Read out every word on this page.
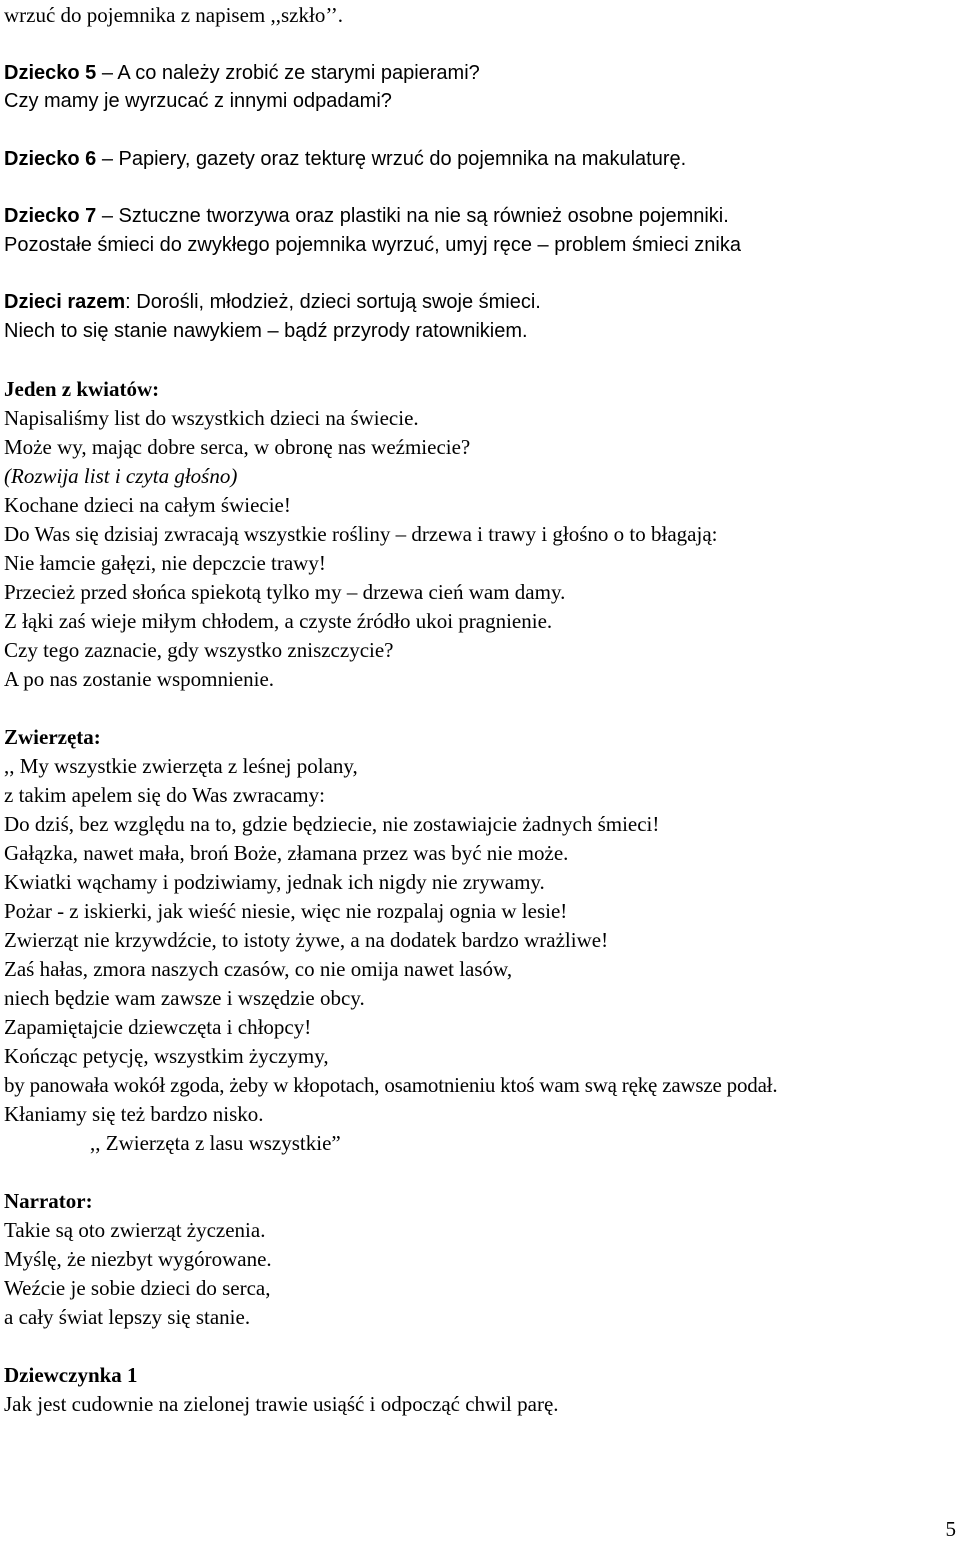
wrzuć do pojemnika z napisem ,,szkło’’.

Dziecko 5 – A co należy zrobić ze starymi papierami?

Czy mamy je wyrzucać z innymi odpadami?

Dziecko 6 – Papiery, gazety oraz tekturę wrzuć do pojemnika na makulaturę.

Dziecko 7 – Sztuczne tworzywa oraz plastiki na nie są również osobne pojemniki.

Pozostałe śmieci do zwykłego pojemnika wyrzuć, umyj ręce – problem śmieci znika

Dzieci razem: Dorośli, młodzież, dzieci sortują swoje śmieci.

Niech to się stanie nawykiem – bądź przyrody ratownikiem.

Jeden z kwiatów:

Napisaliśmy list do wszystkich dzieci na świecie.

Może wy, mając dobre serca, w obronę nas weźmiecie?

(Rozwija list i czyta głośno)

Kochane dzieci na całym świecie!

Do Was się dzisiaj zwracają wszystkie rośliny – drzewa i trawy i głośno o to błagają:

Nie łamcie gałęzi, nie depczcie trawy!

Przecież przed słońca spiekotą tylko my – drzewa cień wam damy.

Z łąki zaś wieje miłym chłodem, a czyste źródło ukoi pragnienie.

Czy tego zaznacie, gdy wszystko zniszczycie?

A po nas zostanie wspomnienie.

Zwierzęta:

,, My wszystkie zwierzęta z leśnej polany,

z takim apelem się do Was zwracamy:

Do dziś, bez względu na to, gdzie będziecie, nie zostawiajcie żadnych śmieci!

Gałązka, nawet mała, broń Boże, złamana przez was być nie może.

Kwiatki wąchamy i podziwiamy, jednak ich nigdy nie zrywamy.

Pożar - z iskierki, jak wieść niesie, więc nie rozpalaj ognia w lesie!

Zwierząt nie krzywdźcie, to istoty żywe, a na dodatek bardzo wrażliwe!

Zaś hałas, zmora naszych czasów, co nie omija nawet lasów,

niech będzie wam zawsze i wszędzie obcy.

Zapamiętajcie dziewczęta i chłopcy!

Kończąc petycję, wszystkim życzymy,

by panowała wokół zgoda, żeby w kłopotach, osamotnieniu ktoś wam swą rękę zawsze podał.

Kłaniamy się też bardzo nisko.

,, Zwierzęta z lasu wszystkie”

Narrator:

Takie są oto zwierząt życzenia.

Myślę, że niezbyt wygórowane.

Weźcie je sobie dzieci do serca,

a cały świat lepszy się stanie.

Dziewczynka 1

Jak jest cudownie na zielonej trawie usiąść i odpocząć chwil parę.

5
